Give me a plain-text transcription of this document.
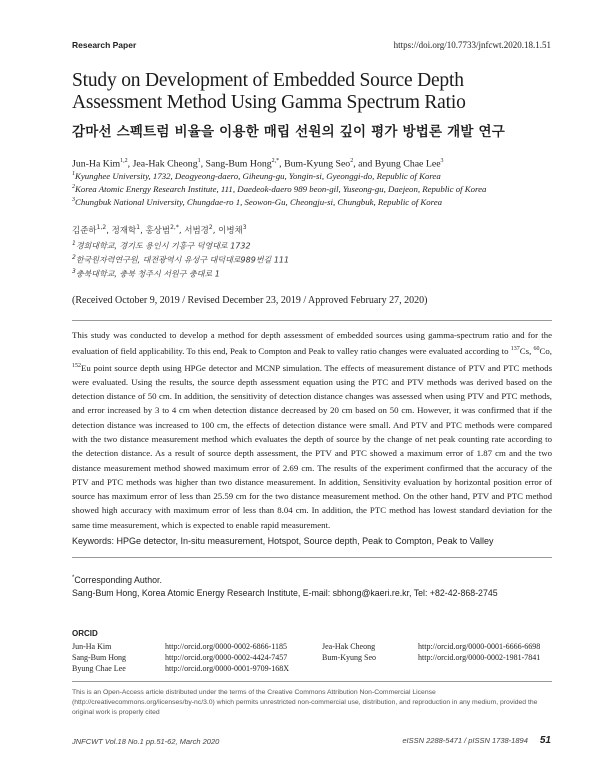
Research Paper	https://doi.org/10.7733/jnfcwt.2020.18.1.51
Study on Development of Embedded Source Depth Assessment Method Using Gamma Spectrum Ratio
감마선 스펙트럼 비율을 이용한 매립 선원의 깊이 평가 방법론 개발 연구
Jun-Ha Kim$^{1,2}$, Jea-Hak Cheong$^1$, Sang-Bum Hong$^{2,*}$, Bum-Kyung Seo$^2$, and Byung Chae Lee$^3$
$^1$Kyunghee University, 1732, Deogyeong-daero, Giheung-gu, Yongin-si, Gyeonggi-do, Republic of Korea
$^2$Korea Atomic Energy Research Institute, 111, Daedeok-daero 989 beon-gil, Yuseong-gu, Daejeon, Republic of Korea
$^3$Chungbuk National University, Chungdae-ro 1, Seowon-Gu, Cheongju-si, Chungbuk, Republic of Korea
김준하$^{1,2}$, 정재학$^1$, 홍상범$^{2,*}$, 서범경$^2$, 이병채$^3$
$^1$경희대학교, 경기도 용인시 기흥구 덕영대로 1732
$^2$한국원자력연구원, 대전광역시 유성구 대덕대로989번길 111
$^3$충북대학교, 충북 청주시 서원구 충대로 1
(Received October 9, 2019 / Revised December 23, 2019 / Approved February 27, 2020)
This study was conducted to develop a method for depth assessment of embedded sources using gamma-spectrum ratio and for the evaluation of field applicability. To this end, Peak to Compton and Peak to valley ratio changes were evaluated according to $^{137}$Cs, $^{60}$Co, $^{152}$Eu point source depth using HPGe detector and MCNP simulation. The effects of measurement distance of PTV and PTC methods were evaluated. Using the results, the source depth assessment equation using the PTC and PTV methods was derived based on the detection distance of 50 cm. In addition, the sensitivity of detection distance changes was assessed when using PTV and PTC methods, and error increased by 3 to 4 cm when detection distance decreased by 20 cm based on 50 cm. However, it was confirmed that if the detection distance was increased to 100 cm, the effects of detection distance were small. And PTV and PTC methods were compared with the two distance measurement method which evaluates the depth of source by the change of net peak counting rate according to the detection distance. As a result of source depth assessment, the PTV and PTC showed a maximum error of 1.87 cm and the two distance measurement method showed maximum error of 2.69 cm. The results of the experiment confirmed that the accuracy of the PTV and PTC methods was higher than two distance measurement. In addition, Sensitivity evaluation by horizontal position error of source has maximum error of less than 25.59 cm for the two distance measurement method. On the other hand, PTV and PTC method showed high accuracy with maximum error of less than 8.04 cm. In addition, the PTC method has lowest standard deviation for the same time measurement, which is expected to enable rapid measurement.
Keywords: HPGe detector, In-situ measurement, Hotspot, Source depth, Peak to Compton, Peak to Valley

*Corresponding Author.

Sang-Bum Hong, Korea Atomic Energy Research Institute, E-mail: sbhong@kaeri.re.kr, Tel: +82-42-868-2745

ORCID
Jun-Ha Kim	http://orcid.org/0000-0002-6866-1185	Jea-Hak Cheong	http://orcid.org/0000-0001-6666-6698
Sang-Bum Hong	http://orcid.org/0000-0002-4424-7457	Bum-Kyung Seo	http://orcid.org/0000-0002-1981-7841
Byung Chae Lee	http://orcid.org/0000-0001-9709-168X
This is an Open-Access article distributed under the terms of the Creative Commons Attribution Non-Commercial License (http://creativecommons.org/licenses/by-nc/3.0) which permits unrestricted non-commercial use, distribution, and reproduction in any medium, provided the original work is properly cited
JNFCWT Vol.18 No.1 pp.51-62, March 2020	eISSN 2288-5471 / pISSN 1738-1894 51
